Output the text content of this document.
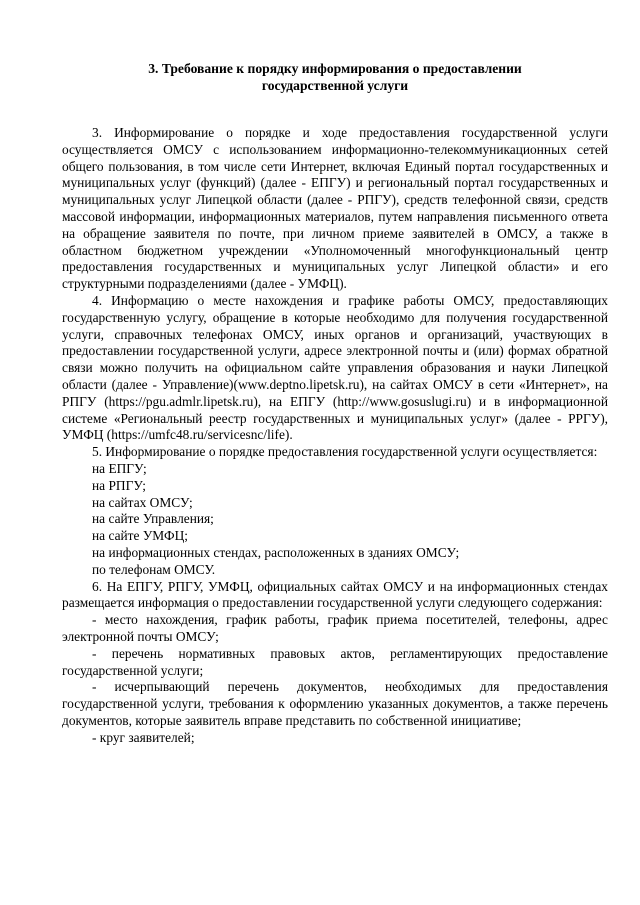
3. Требование к порядку информирования о предоставлении
государственной услуги

3. Информирование о порядке и ходе предоставления государственной услуги осуществляется ОМСУ с использованием информационно-телекоммуникационных сетей общего пользования, в том числе сети Интернет, включая Единый портал государственных и муниципальных услуг (функций) (далее - ЕПГУ) и региональный портал государственных и муниципальных услуг Липецкой области (далее - РПГУ), средств телефонной связи, средств массовой информации, информационных материалов, путем направления письменного ответа на обращение заявителя по почте, при личном приеме заявителей в ОМСУ, а также в областном бюджетном учреждении «Уполномоченный многофункциональный центр предоставления государственных и муниципальных услуг Липецкой области» и его структурными подразделениями (далее - УМФЦ).

4. Информацию о месте нахождения и графике работы ОМСУ, предоставляющих государственную услугу, обращение в которые необходимо для получения государственной услуги, справочных телефонах ОМСУ, иных органов и организаций, участвующих в предоставлении государственной услуги, адресе электронной почты и (или) формах обратной связи можно получить на официальном сайте управления образования и науки Липецкой области (далее - Управление)(www.deptno.lipetsk.ru), на сайтах ОМСУ в сети «Интернет», на РПГУ (https://pgu.admlr.lipetsk.ru), на ЕПГУ (http://www.gosuslugi.ru) и в информационной системе «Региональный реестр государственных и муниципальных услуг» (далее - РРГУ), УМФЦ (https://umfc48.ru/servicesnc/life).

5. Информирование о порядке предоставления государственной услуги осуществляется:

на ЕПГУ;

на РПГУ;

на сайтах ОМСУ;

на сайте Управления;

на сайте УМФЦ;

на информационных стендах, расположенных в зданиях ОМСУ;

по телефонам ОМСУ.

6. На ЕПГУ, РПГУ, УМФЦ, официальных сайтах ОМСУ и на информационных стендах размещается информация о предоставлении государственной услуги следующего содержания:

- место нахождения, график работы, график приема посетителей, телефоны, адрес электронной почты ОМСУ;

- перечень нормативных правовых актов, регламентирующих предоставление государственной услуги;

- исчерпывающий перечень документов, необходимых для предоставления государственной услуги, требования к оформлению указанных документов, а также перечень документов, которые заявитель вправе представить по собственной инициативе;

- круг заявителей;
